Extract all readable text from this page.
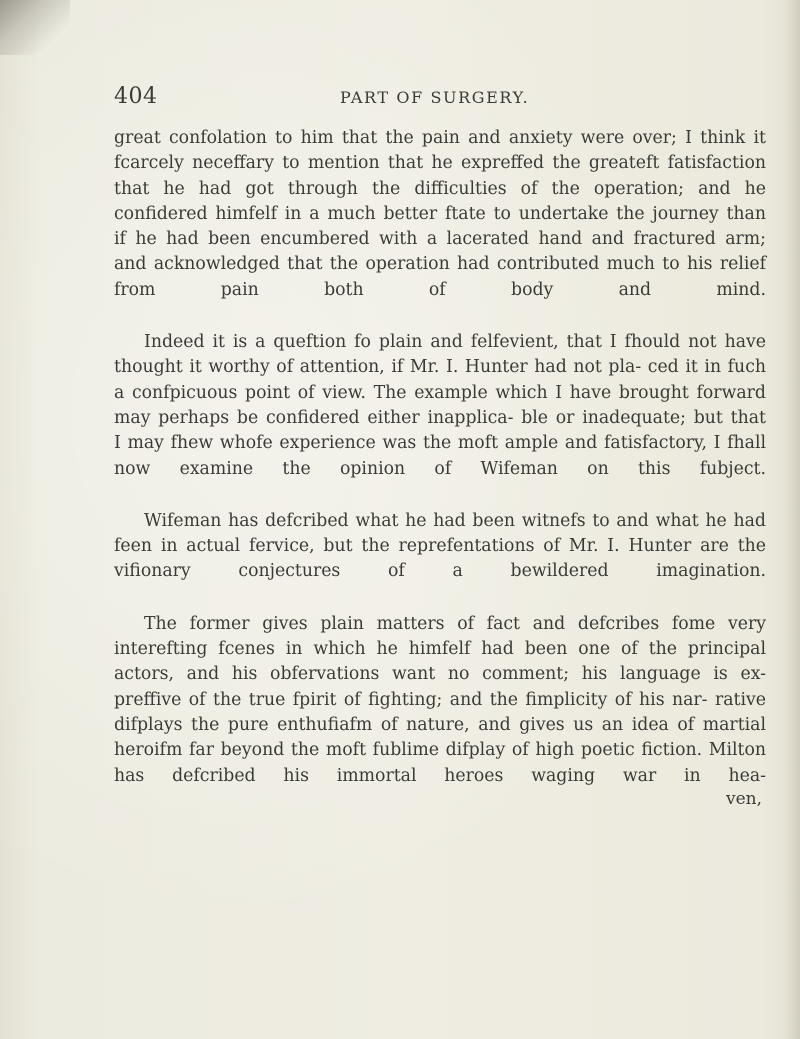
404	PART OF SURGERY.

great confolation to him that the pain and anxiety were over; I think it fcarcely neceffary to mention that he expreffed the greateft fatisfaction that he had got through the difficulties of the operation; and he confidered himfelf in a much better ftate to undertake the journey than if he had been encumbered with a lacerated hand and fractured arm; and acknowledged that the operation had contributed much to his relief from pain both of body and mind.

Indeed it is a queftion fo plain and felfevient, that I fhould not have thought it worthy of attention, if Mr. I. Hunter had not pla- ced it in fuch a confpicuous point of view. The example which I have brought forward may perhaps be confidered either inapplica- ble or inadequate; but that I may fhew whofe experience was the moft ample and fatisfactory, I fhall now examine the opinion of Wifeman on this fubject.

Wifeman has defcribed what he had been witnefs to and what he had feen in actual fervice, but the reprefentations of Mr. I. Hunter are the vifionary conjectures of a bewildered imagination.

The former gives plain matters of fact and defcribes fome very interefting fcenes in which he himfelf had been one of the principal actors, and his obfervations want no comment; his language is ex- preffive of the true fpirit of fighting; and the fimplicity of his nar- rative difplays the pure enthufiafm of nature, and gives us an idea of martial heroifm far beyond the moft fublime difplay of high poetic fiction. Milton has defcribed his immortal heroes waging war in hea-

ven,
